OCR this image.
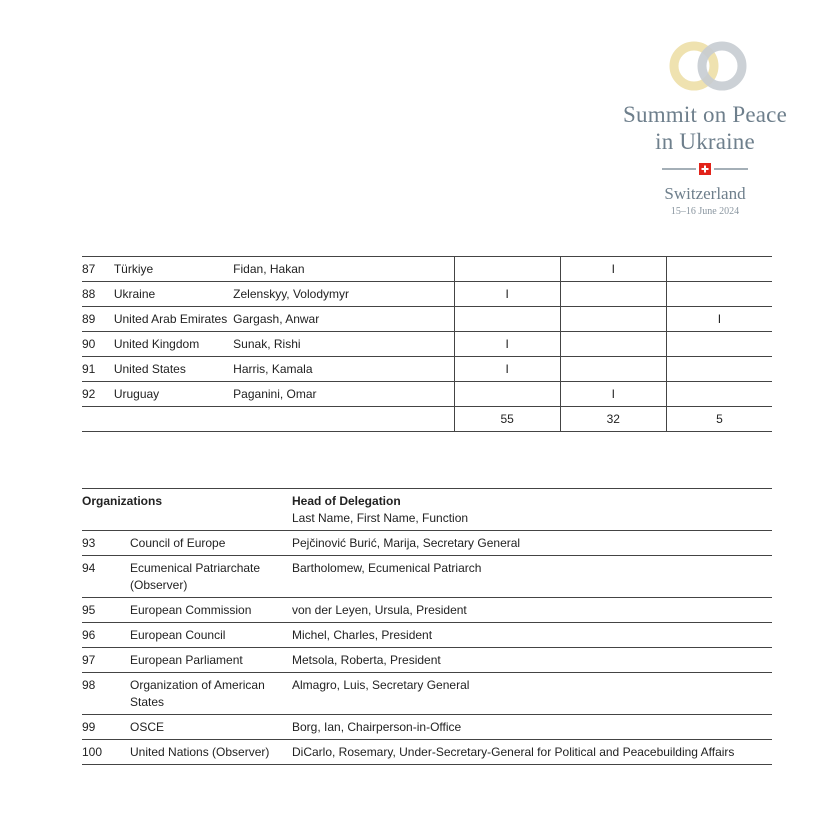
Summit on Peace
in Ukraine
Switzerland
15–16 June 2024
87	Türkiye	Fidan, Hakan		I	
88	Ukraine	Zelenskyy, Volodymyr	I		
89	United Arab Emirates	Gargash, Anwar			I
90	United Kingdom	Sunak, Rishi	I		
91	United States	Harris, Kamala	I		
92	Uruguay	Paganini, Omar		I	
			55	32	5
Organizations		Head of Delegation
Last Name, First Name, Function

93	Council of Europe	Pejčinović Burić, Marija, Secretary General
94	Ecumenical Patriarchate (Observer)	Bartholomew, Ecumenical Patriarch
95	European Commission	von der Leyen, Ursula, President
96	European Council	Michel, Charles, President
97	European Parliament	Metsola, Roberta, President
98	Organization of American States	Almagro, Luis, Secretary General
99	OSCE	Borg, Ian, Chairperson-in-Office
100	United Nations (Observer)	DiCarlo, Rosemary, Under-Secretary-General for Political and Peacebuilding Affairs
